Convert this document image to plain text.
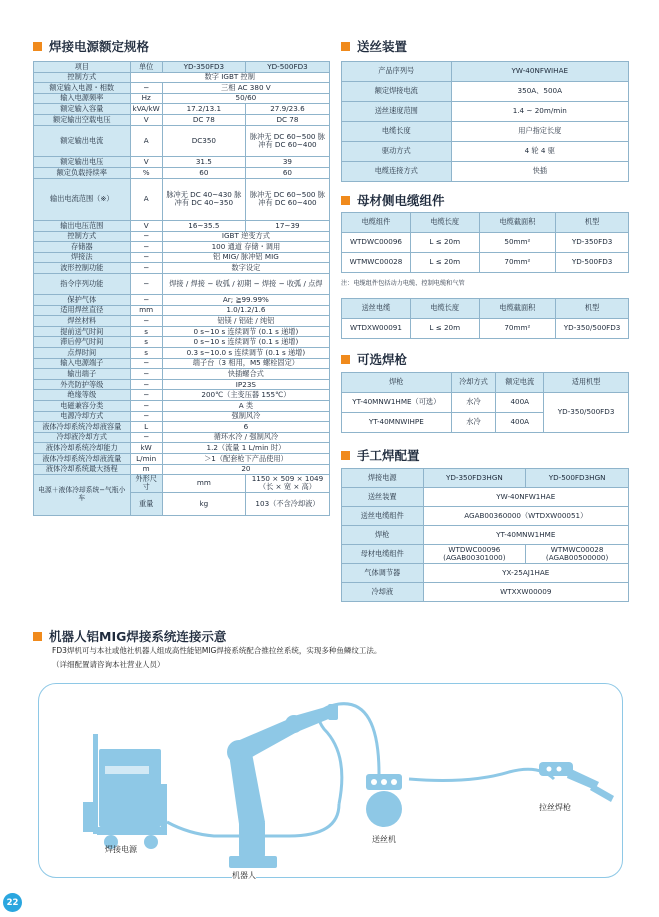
焊接电源额定规格	送丝装置
母材侧电缆组件
可选焊枪
手工焊配置
机器人铝MIG焊接系统连接示意
项目	单位	YD-350FD3	YD-500FD3
控制方式	数字 IGBT 控制		
额定输入电源・相数	−	三相 AC 380 V	
输入电源频率	Hz	50/60	
额定输入容量	kVA/kW	17.2/13.1	27.9/23.6
额定输出空载电压	V	DC 78	DC 78
额定输出电流	A	DC350	脉冲无 DC 60~500 脉冲有 DC 60~400
额定输出电压	V	31.5	39
额定负载持续率	%	60	60
输出电流范围（※）	A	脉冲无 DC 40~430 脉冲有 DC 40~350	脉冲无 DC 60~500 脉冲有 DC 60~400
输出电压范围	V	16~35.5	17~39
控制方式	−	IGBT 逆变方式	
存储器	−	100 通道 存储・调用	
焊接法	−	铝 MIG/ 脉冲铝 MIG	
波形控制功能	−	数字设定	
指令序列功能	−	焊接 / 焊接 − 收弧 / 初期 − 焊接 − 收弧 / 点焊	
保护气体	−	Ar; ≧99.99%	
适用焊丝直径	mm	1.0/1.2/1.6	
焊丝材料	−	铝镁 / 铝硅 / 纯铝	
提前送气时间	s	0 s~10 s 连续调节 (0.1 s 递增)	
滞后停气时间	s	0 s~10 s 连续调节 (0.1 s 递增)	
点焊时间	s	0.3 s~10.0 s 连续调节 (0.1 s 递增)	
输入电源端子	−	端子台（3 相用，M5 螺栓固定）	
输出端子	−	快插螺合式	
外壳防护等级	−	IP23S	
绝缘等级	−	200℃（主变压器 155℃）	
电磁兼容分类	−	A 类	
电源冷却方式	−	强制风冷	
液体冷却系统冷却液容量	L	6	
冷却液冷却方式	−	循环水冷 / 强制风冷	
液体冷却系统冷却能力	kW	1.2（流量 1 L/min 时）	
液体冷却系统冷却液流量	L/min	＞1（配套枪下产品使用）	
液体冷却系统最大扬程	m	20	
电源＋液体冷却系统−气瓶小车	外形尺寸	mm	1150 × 509 × 1049（长 × 宽 × 高）
	重量	kg	103（不含冷却液）
产品序列号	YW-40NFWIHAE
额定焊接电流	350A、500A
送丝速度范围	1.4 ~ 20m/min
电缆长度	用户指定长度
驱动方式	4 轮 4 驱
电缆连接方式	快插
电缆组件	电缆长度	电缆截面积	机型
WTDWC00096	L ≤ 20m	50mm²	YD-350FD3
WTMWC00028	L ≤ 20m	70mm²	YD-500FD3
注：电缆组件包括动力电缆、控制电缆和气管
送丝电缆	电缆长度	电缆截面积	机型
WTDXW00091	L ≤ 20m	70mm²	YD-350/500FD3
焊枪	冷却方式	额定电流	适用机型
YT-40MNW1HME（可选）	水冷	400A	YD-350/500FD3
YT-40MNWIHPE	水冷	400A	
焊接电源	YD-350FD3HGN	YD-500FD3HGN
送丝装置	YW-40NFW1HAE	
送丝电缆组件	AGAB00360000（WTDXW00051）	
焊枪	YT-40MNW1HME	
母材电缆组件	WTDWC00096 (AGAB00301000)	WTMWC00028 (AGAB00500000)
气体调节器	YX-25AJ1HAE	
冷却液	WTXXW00009	
FD3焊机可与本社或他社机器人组成高性能铝MIG焊接系统配合推拉丝系统，实现多种鱼鳞纹工法。
（详细配置请咨询本社营业人员）
焊接电源
机器人
送丝机
拉丝焊枪
22
